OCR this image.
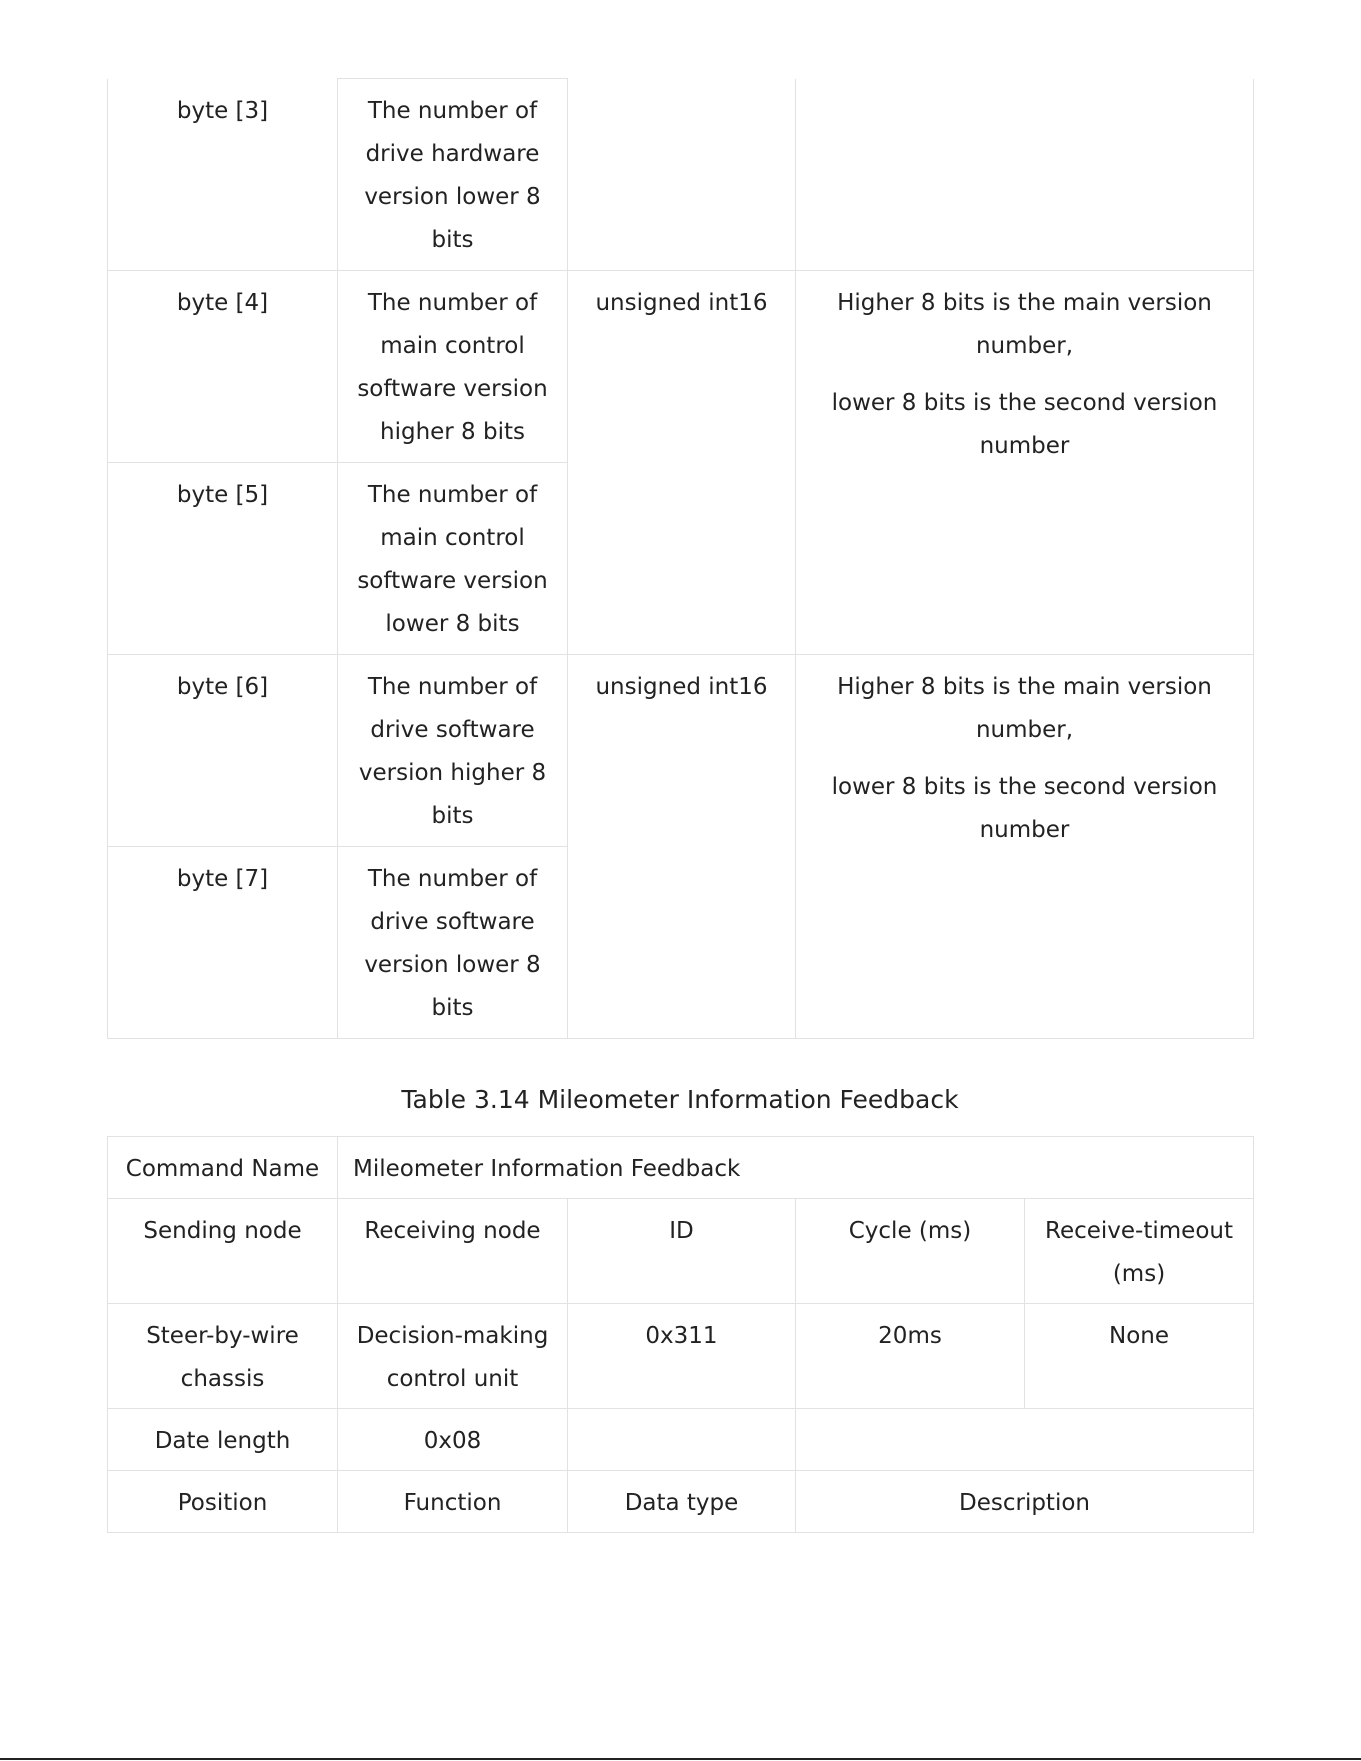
byte [3]	The number of drive hardware version lower 8 bits		
byte [4]	The number of main control software version higher 8 bits	unsigned int16	Higher 8 bits is the main version number,

lower 8 bits is the second version number

byte [5]	The number of main control software version lower 8 bits		
byte [6]	The number of drive software version higher 8 bits	unsigned int16	Higher 8 bits is the main version number,

lower 8 bits is the second version number

byte [7]	The number of drive software version lower 8 bits		
Table 3.14 Mileometer Information Feedback
Command Name	Mileometer Information Feedback			
Sending node	Receiving node	ID	Cycle (ms)	Receive-timeout (ms)
Steer-by-wire chassis	Decision-making control unit	0x311	20ms	None
Date length	0x08			
Position	Function	Data type	Description	
